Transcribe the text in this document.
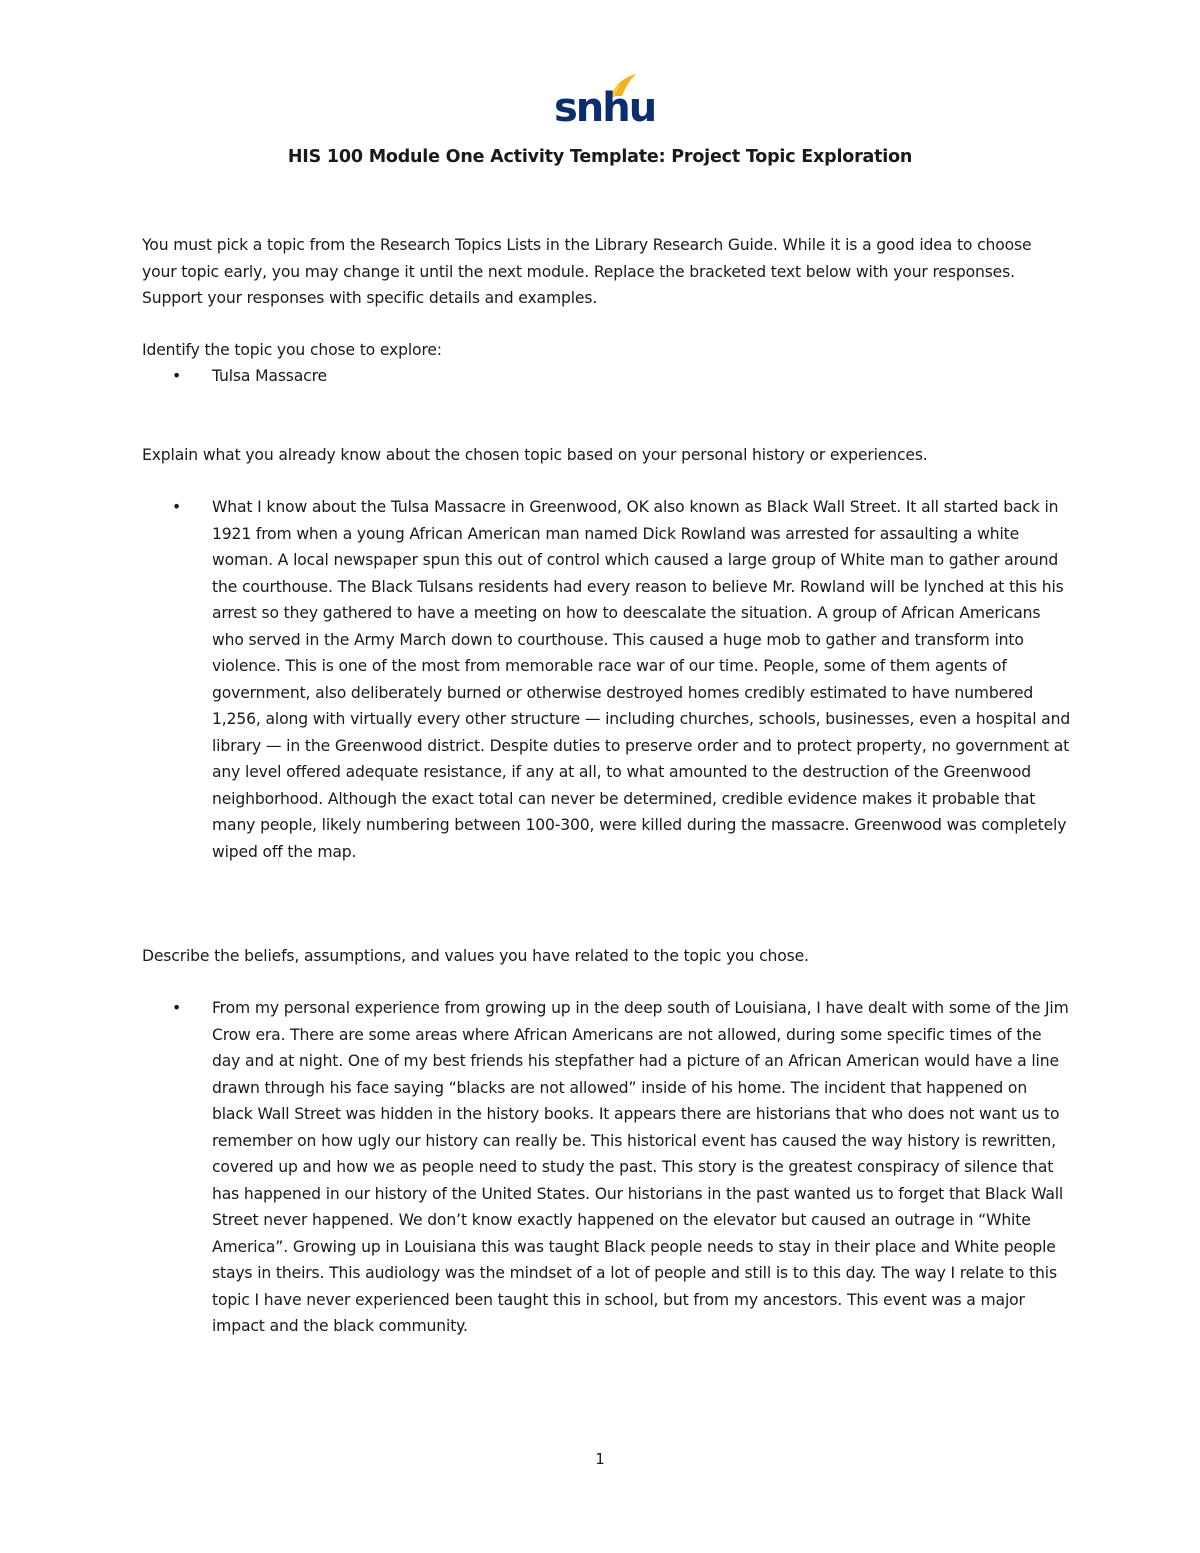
snhu
HIS 100 Module One Activity Template: Project Topic Exploration
You must pick a topic from the Research Topics Lists in the Library Research Guide. While it is a good idea to choose your topic early, you may change it until the next module. Replace the bracketed text below with your responses. Support your responses with specific details and examples.
Identify the topic you chose to explore:
• Tulsa Massacre
Explain what you already know about the chosen topic based on your personal history or experiences.
• What I know about the Tulsa Massacre in Greenwood, OK also known as Black Wall Street. It all started back in 1921 from when a young African American man named Dick Rowland was arrested for assaulting a white woman. A local newspaper spun this out of control which caused a large group of White man to gather around the courthouse. The Black Tulsans residents had every reason to believe Mr. Rowland will be lynched at this his arrest so they gathered to have a meeting on how to deescalate the situation. A group of African Americans who served in the Army March down to courthouse. This caused a huge mob to gather and transform into violence. This is one of the most from memorable race war of our time. People, some of them agents of government, also deliberately burned or otherwise destroyed homes credibly estimated to have numbered 1,256, along with virtually every other structure — including churches, schools, businesses, even a hospital and library — in the Greenwood district. Despite duties to preserve order and to protect property, no government at any level offered adequate resistance, if any at all, to what amounted to the destruction of the Greenwood neighborhood. Although the exact total can never be determined, credible evidence makes it probable that many people, likely numbering between 100-300, were killed during the massacre. Greenwood was completely wiped off the map.
Describe the beliefs, assumptions, and values you have related to the topic you chose.
• From my personal experience from growing up in the deep south of Louisiana, I have dealt with some of the Jim Crow era. There are some areas where African Americans are not allowed, during some specific times of the day and at night. One of my best friends his stepfather had a picture of an African American would have a line drawn through his face saying “blacks are not allowed” inside of his home. The incident that happened on black Wall Street was hidden in the history books. It appears there are historians that who does not want us to remember on how ugly our history can really be. This historical event has caused the way history is rewritten, covered up and how we as people need to study the past. This story is the greatest conspiracy of silence that has happened in our history of the United States. Our historians in the past wanted us to forget that Black Wall Street never happened. We don’t know exactly happened on the elevator but caused an outrage in “White America”. Growing up in Louisiana this was taught Black people needs to stay in their place and White people stays in theirs. This audiology was the mindset of a lot of people and still is to this day. The way I relate to this topic I have never experienced been taught this in school, but from my ancestors. This event was a major impact and the black community.
1
